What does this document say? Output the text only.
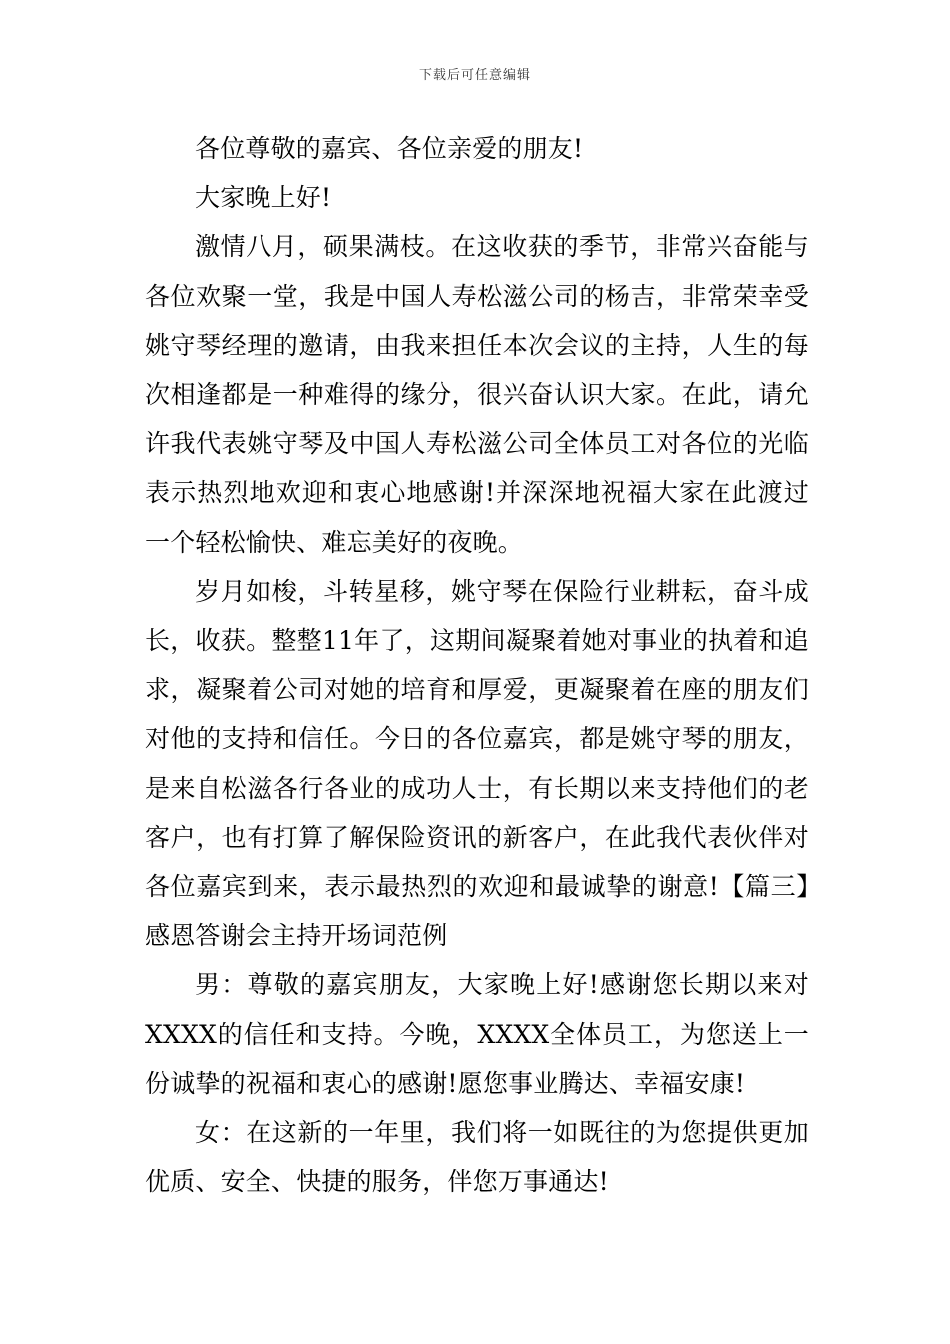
下载后可任意编辑

各位尊敬的嘉宾、各位亲爱的朋友!

大家晚上好!

激情八月，硕果满枝。在这收获的季节，非常兴奋能与各位欢聚一堂，我是中国人寿松滋公司的杨吉，非常荣幸受姚守琴经理的邀请，由我来担任本次会议的主持，人生的每次相逢都是一种难得的缘分，很兴奋认识大家。在此，请允许我代表姚守琴及中国人寿松滋公司全体员工对各位的光临表示热烈地欢迎和衷心地感谢!并深深地祝福大家在此渡过一个轻松愉快、难忘美好的夜晚。

岁月如梭，斗转星移，姚守琴在保险行业耕耘，奋斗成长，收获。整整11年了，这期间凝聚着她对事业的执着和追求，凝聚着公司对她的培育和厚爱，更凝聚着在座的朋友们对他的支持和信任。今日的各位嘉宾，都是姚守琴的朋友，是来自松滋各行各业的成功人士，有长期以来支持他们的老客户，也有打算了解保险资讯的新客户，在此我代表伙伴对各位嘉宾到来，表示最热烈的欢迎和最诚挚的谢意!【篇三】感恩答谢会主持开场词范例

男：尊敬的嘉宾朋友，大家晚上好!感谢您长期以来对XXXX的信任和支持。今晚，XXXX全体员工，为您送上一份诚挚的祝福和衷心的感谢!愿您事业腾达、幸福安康!

女：在这新的一年里，我们将一如既往的为您提供更加优质、安全、快捷的服务，伴您万事通达!
